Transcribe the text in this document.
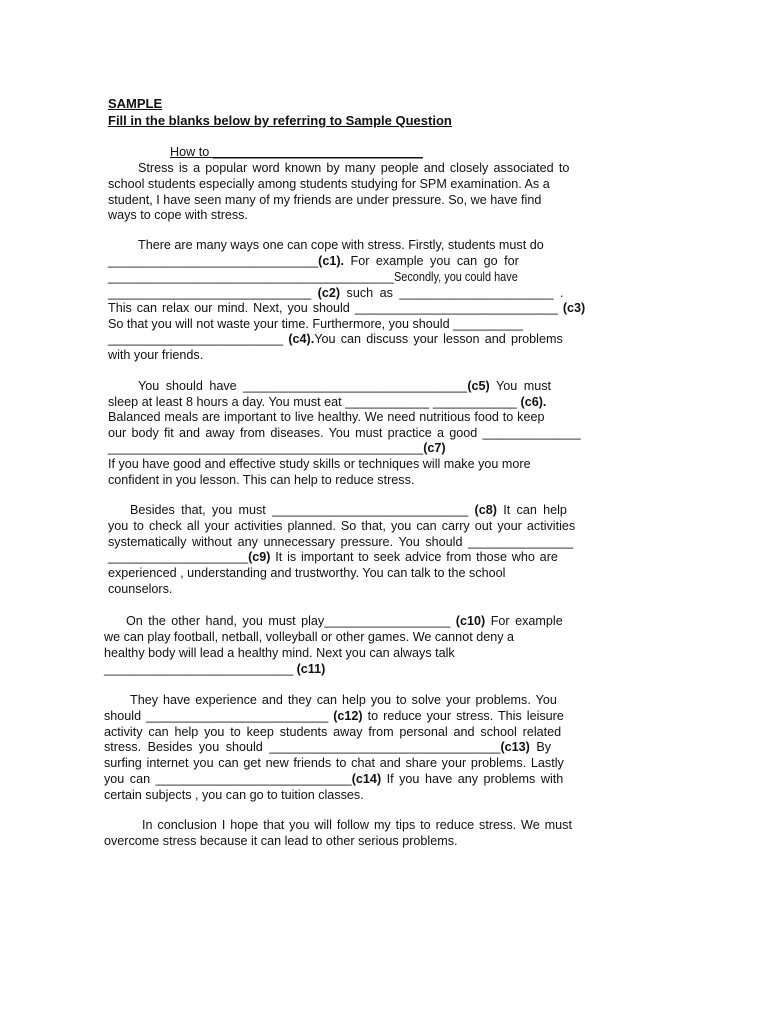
SAMPLE
Fill in the blanks below by referring to Sample Question
How to ______________________________
Stress is a popular word known by many people and closely associated to
school students especially among students studying for SPM examination. As a
student, I have seen many of my friends are under pressure. So, we have find
ways to cope with stress.
There are many ways one can cope with stress. Firstly, students must do
______________________________(c1). For example you can go for
_______________________________________________Secondly, you could have
_____________________________ (c2) such as ______________________ .
This can relax our mind. Next, you should _____________________________ (c3)
So that you will not waste your time. Furthermore, you should __________
_________________________ (c4).You can discuss your lesson and problems
with your friends.
You should have ________________________________(c5) You must
sleep at least 8 hours a day. You must eat ____________ ____________ (c6).
Balanced meals are important to live healthy. We need nutritious food to keep
our body fit and away from diseases. You must practice a good ______________
_____________________________________________(c7)
If you have good and effective study skills or techniques will make you more
confident in you lesson. This can help to reduce stress.
Besides that, you must ____________________________ (c8) It can help
you to check all your activities planned. So that, you can carry out your activities
systematically without any unnecessary pressure. You should _______________
____________________(c9) It is important to seek advice from those who are
experienced , understanding and trustworthy. You can talk to the school
counselors.
On the other hand, you must play__________________ (c10) For example
we can play football, netball, volleyball or other games. We cannot deny a
healthy body will lead a healthy mind. Next you can always talk
___________________________ (c11)
They have experience and they can help you to solve your problems. You
should __________________________ (c12) to reduce your stress. This leisure
activity can help you to keep students away from personal and school related
stress. Besides you should _________________________________(c13) By
surfing internet you can get new friends to chat and share your problems. Lastly
you can ____________________________(c14) If you have any problems with
certain subjects , you can go to tuition classes.
In conclusion I hope that you will follow my tips to reduce stress. We must
overcome stress because it can lead to other serious problems.
